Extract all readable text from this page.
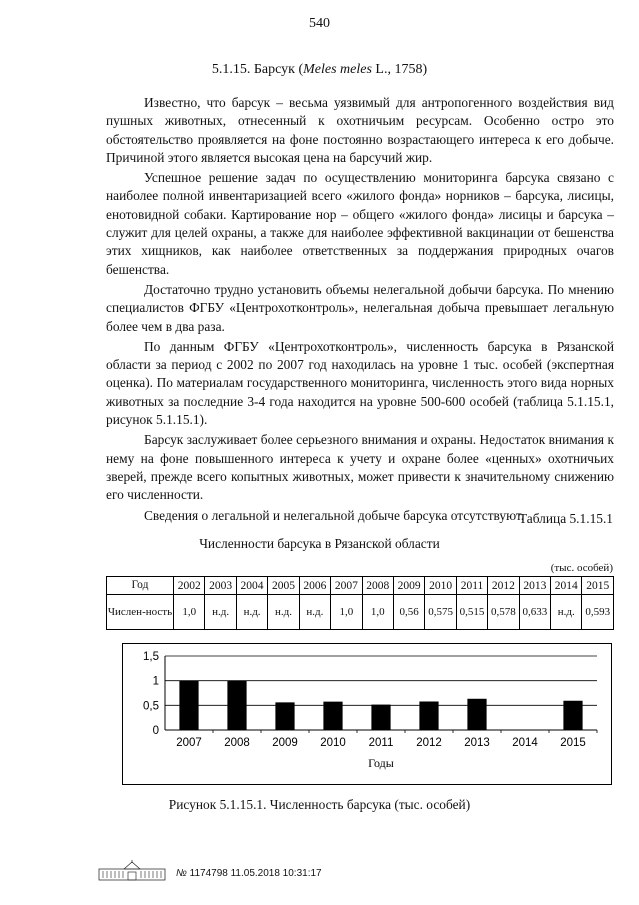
540
5.1.15. Барсук (Meles meles L., 1758)

Известно, что барсук – весьма уязвимый для антропогенного воздействия вид пушных животных, отнесенный к охотничьим ресурсам. Особенно остро это обстоятельство проявляется на фоне постоянно возрастающего интереса к его добыче. Причиной этого является высокая цена на барсучий жир.

Успешное решение задач по осуществлению мониторинга барсука связано с наиболее полной инвентаризацией всего «жилого фонда» норников – барсука, лисицы, енотовидной собаки. Картирование нор – общего «жилого фонда» лисицы и барсука – служит для целей охраны, а также для наиболее эффективной вакцинации от бешенства этих хищников, как наиболее ответственных за поддержания природных очагов бешенства.

Достаточно трудно установить объемы нелегальной добычи барсука. По мнению специалистов ФГБУ «Центрохотконтроль», нелегальная добыча превышает легальную более чем в два раза.

По данным ФГБУ «Центрохотконтроль», численность барсука в Рязанской области за период с 2002 по 2007 год находилась на уровне 1 тыс. особей (экспертная оценка). По материалам государственного мониторинга, численность этого вида норных животных за последние 3-4 года находится на уровне 500-600 особей (таблица 5.1.15.1, рисунок 5.1.15.1).

Барсук заслуживает более серьезного внимания и охраны. Недостаток внимания к нему на фоне повышенного интереса к учету и охране более «ценных» охотничьих зверей, прежде всего копытных животных, может привести к значительному снижению его численности.

Сведения о легальной и нелегальной добыче барсука отсутствуют.

Таблица 5.1.15.1
Численности барсука в Рязанской области
(тыс. особей)
Год	2002	2003	2004	2005	2006	2007	2008	2009	2010	2011	2012	2013	2014	2015
Числен-ность	1,0	н.д.	н.д.	н.д.	н.д.	1,0	1,0	0,56	0,575	0,515	0,578	0,633	н.д.	0,593
0
0,5
1
1,5
2007 2008 2009 2010 2011 2012 2013 2014 2015
Годы
Рисунок 5.1.15.1. Численность барсука (тыс. особей)
№ 1174798 11.05.2018 10:31:17
